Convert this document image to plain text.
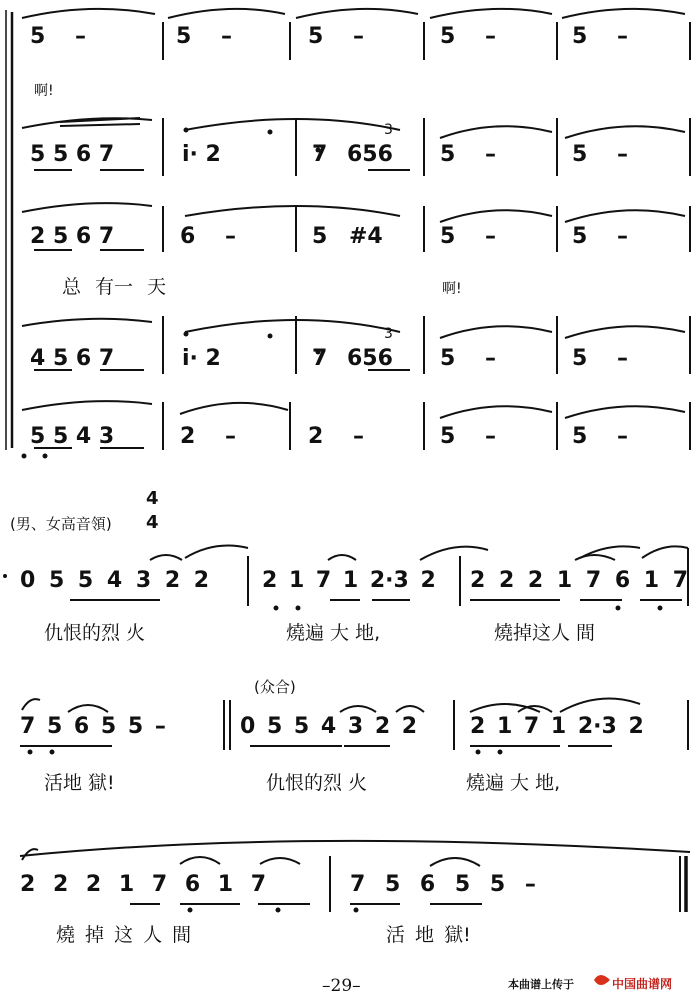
5 –	5 –	5 –	5 –	5 –
啊!
5 5 6 7	i· 2	7 656 5 –	5 –
3
2 5 6 7	6 –	5 #4	5 –	5 –
总 有一 天	啊!
4 5 6 7	i· 2	7 656 5 –	5 –
3
5 5 4 3	2 –	2 –	5 –	5 –
(男、女高音領)
4
4
0 5 5 4 3 2 2 2 1 7 1 2·3 2 2 2 2 1 7 6 1 7
仇恨的烈 火	燒遍 大 地,	燒掉这人 間
(众合)
7 5 6 5 5 –	0 5 5 4 3 2 2 2 1 7 1 2·3 2
活地 獄!	仇恨的烈 火	燒遍 大 地,
2 2 2 1 7 6 1 7	7 5 6 5 5 –
燒 掉 这 人 間	活 地 獄!
–29–	本曲谱上传于	中国曲谱网
